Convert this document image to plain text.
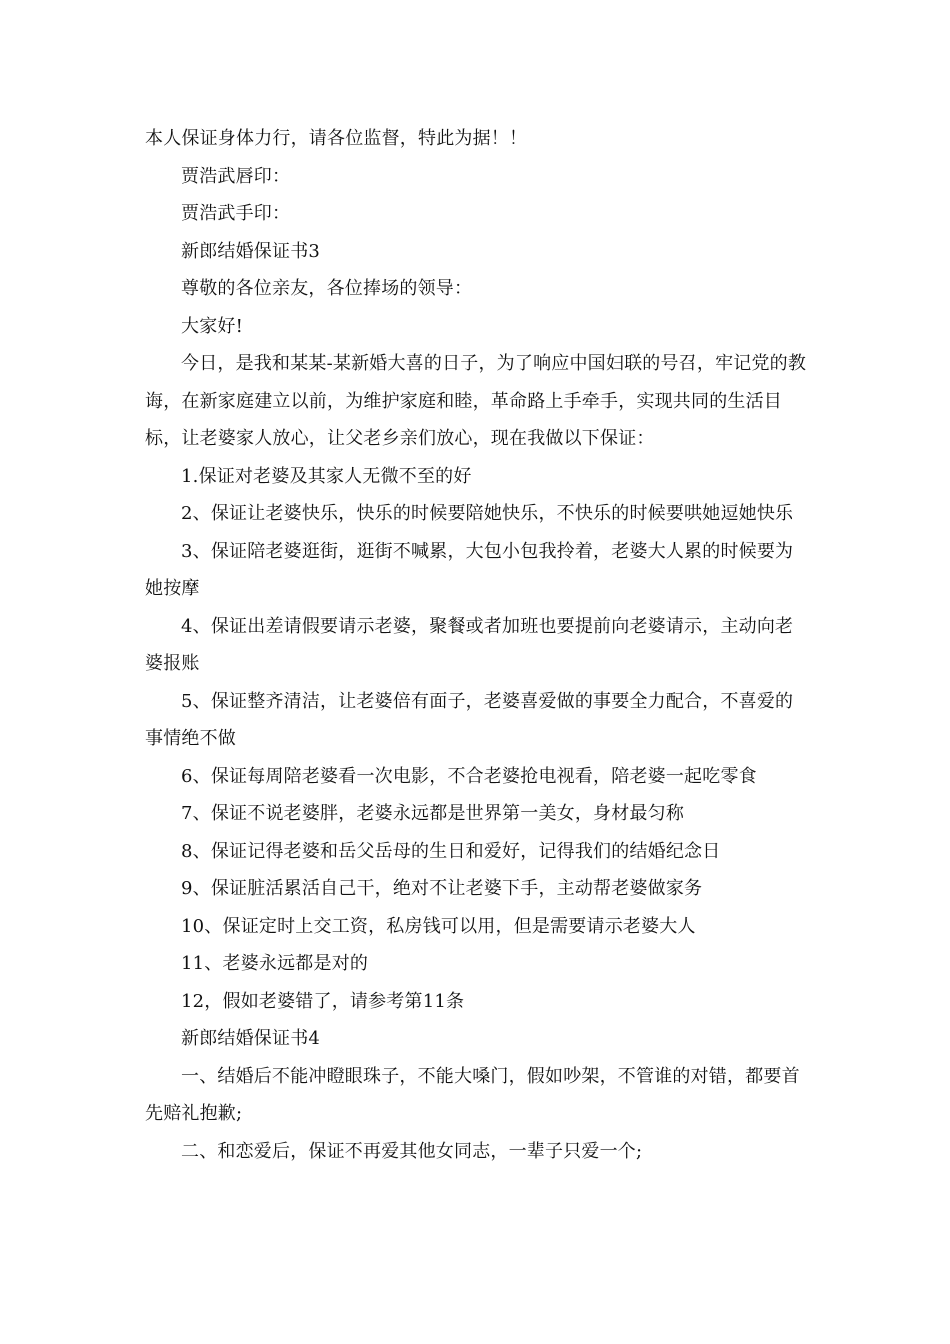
本人保证身体力行，请各位监督，特此为据！！

贾浩武唇印：

贾浩武手印：

新郎结婚保证书3

尊敬的各位亲友，各位捧场的领导：

大家好!

今日，是我和某某-某新婚大喜的日子，为了响应中国妇联的号召，牢记党的教诲，在新家庭建立以前，为维护家庭和睦，革命路上手牵手，实现共同的生活目标，让老婆家人放心，让父老乡亲们放心，现在我做以下保证：

1.保证对老婆及其家人无微不至的好

2、保证让老婆快乐，快乐的时候要陪她快乐，不快乐的时候要哄她逗她快乐

3、保证陪老婆逛街，逛街不喊累，大包小包我拎着，老婆大人累的时候要为她按摩

4、保证出差请假要请示老婆，聚餐或者加班也要提前向老婆请示，主动向老婆报账

5、保证整齐清洁，让老婆倍有面子，老婆喜爱做的事要全力配合，不喜爱的事情绝不做

6、保证每周陪老婆看一次电影，不合老婆抢电视看，陪老婆一起吃零食

7、保证不说老婆胖，老婆永远都是世界第一美女，身材最匀称

8、保证记得老婆和岳父岳母的生日和爱好，记得我们的结婚纪念日

9、保证脏活累活自己干，绝对不让老婆下手，主动帮老婆做家务

10、保证定时上交工资，私房钱可以用，但是需要请示老婆大人

11、老婆永远都是对的

12，假如老婆错了，请参考第11条

新郎结婚保证书4

一、结婚后不能冲瞪眼珠子，不能大嗓门，假如吵架，不管谁的对错，都要首先赔礼抱歉;

二、和恋爱后，保证不再爱其他女同志，一辈子只爱一个;
